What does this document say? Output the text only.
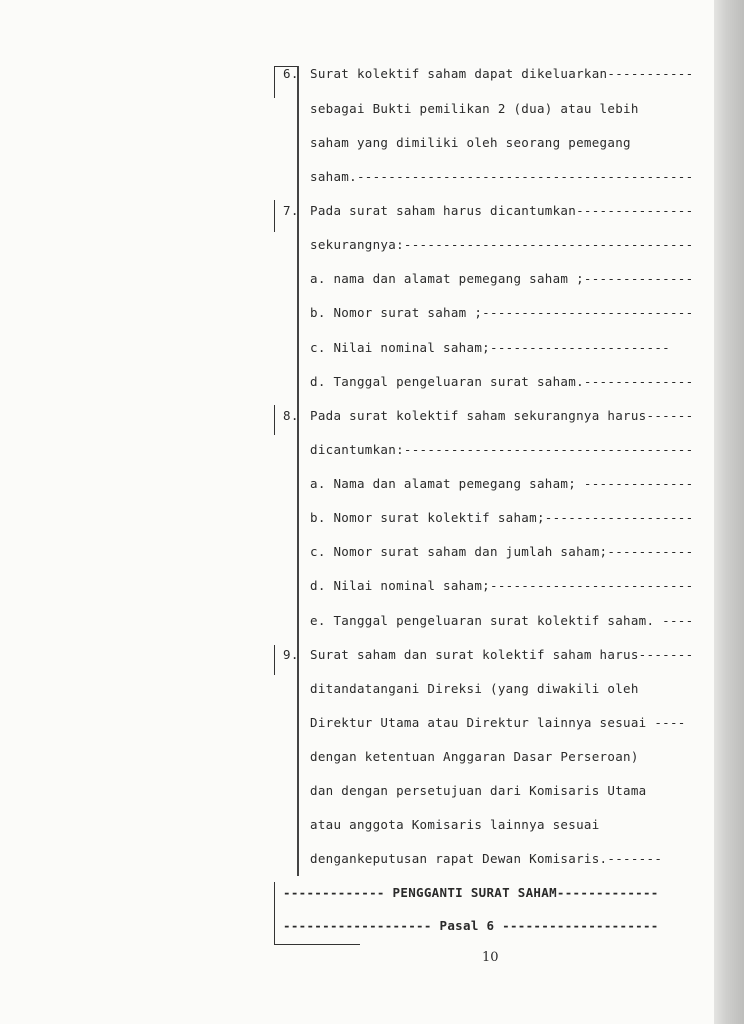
6. Surat kolektif saham dapat dikeluarkan-----------
sebagai Bukti pemilikan 2 (dua) atau lebih
saham yang dimiliki oleh seorang pemegang
saham.-------------------------------------------
7. Pada surat saham harus dicantumkan---------------
sekurangnya:-------------------------------------
a. nama dan alamat pemegang saham ;--------------
b. Nomor surat saham ;---------------------------
c. Nilai nominal saham;-----------------------
d. Tanggal pengeluaran surat saham.--------------
8. Pada surat kolektif saham sekurangnya harus------
dicantumkan:-------------------------------------
a. Nama dan alamat pemegang saham; --------------
b. Nomor surat kolektif saham;-------------------
c. Nomor surat saham dan jumlah saham;-----------
d. Nilai nominal saham;--------------------------
e. Tanggal pengeluaran surat kolektif saham. ----
9. Surat saham dan surat kolektif saham harus-------
ditandatangani Direksi (yang diwakili oleh
Direktur Utama atau Direktur lainnya sesuai ----
dengan ketentuan Anggaran Dasar Perseroan)
dan dengan persetujuan dari Komisaris Utama
atau anggota Komisaris lainnya sesuai
dengankeputusan rapat Dewan Komisaris.-------
------------- PENGGANTI SURAT SAHAM-------------
------------------- Pasal 6 --------------------
10
